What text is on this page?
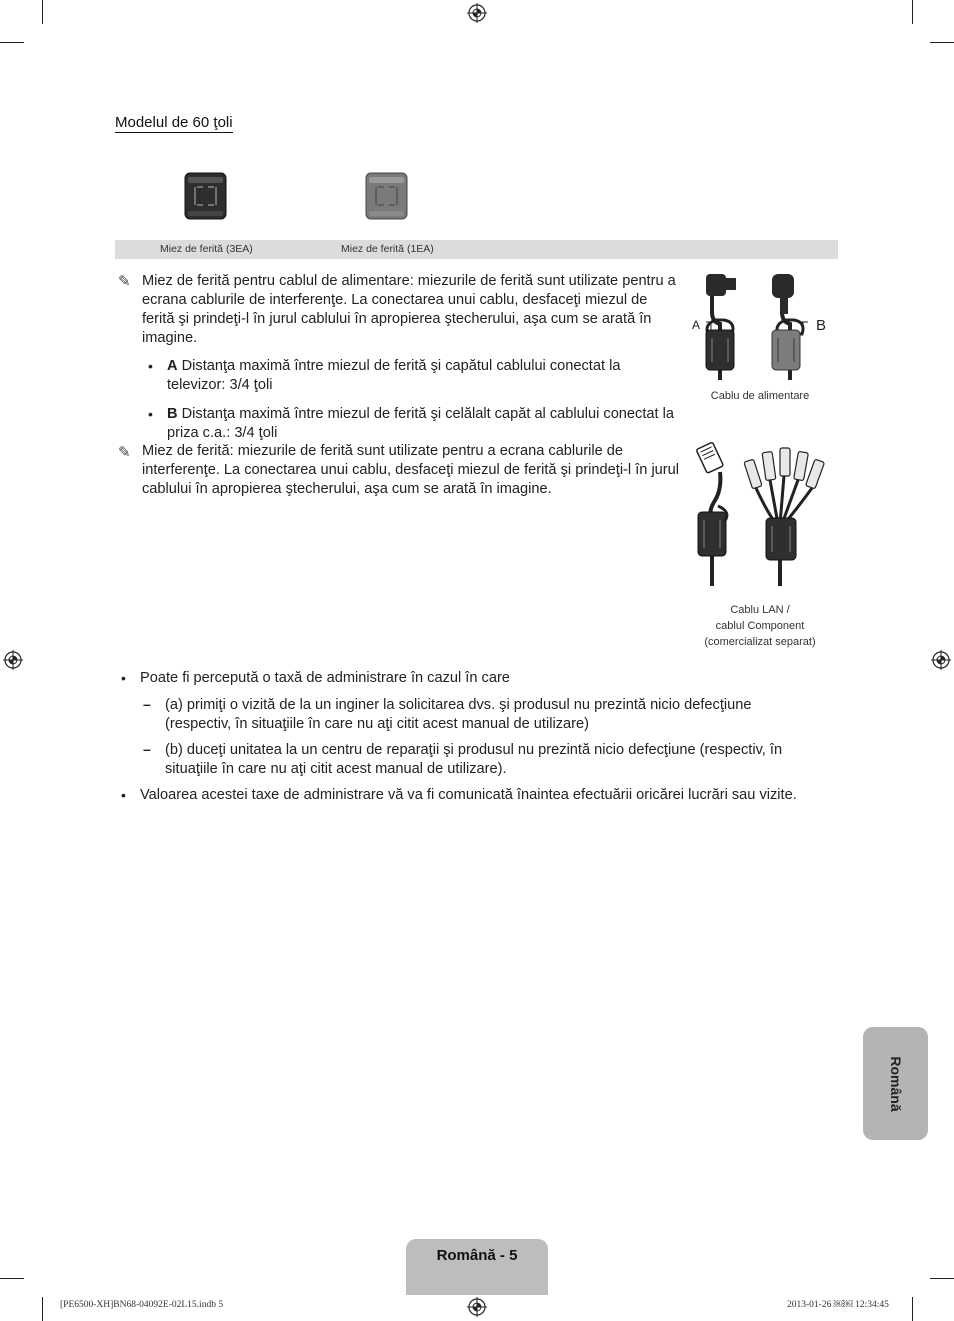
Modelul de 60 ţoli
Miez de ferită (3EA)	Miez de ferită (1EA)
✎ Miez de ferită pentru cablul de alimentare: miezurile de ferită sunt utilizate pentru a ecrana cablurile de interferenţe. La conectarea unui cablu, desfaceţi miezul de ferită şi prindeţi-l în jurul cablului în apropierea ştecherului, aşa cum se arată în imagine.
• A Distanţa maximă între miezul de ferită şi capătul cablului conectat la televizor: 3/4 ţoli
• B Distanţa maximă între miezul de ferită şi celălalt capăt al cablului conectat la priza c.a.: 3/4 ţoli
✎ Miez de ferită: miezurile de ferită sunt utilizate pentru a ecrana cablurile de interferenţe. La conectarea unui cablu, desfaceţi miezul de ferită şi prindeţi-l în jurul cablului în apropierea ştecherului, aşa cum se arată în imagine.
A	B
Cablu de alimentare
Cablu LAN /
cablul Component
(comercializat separat)
• Poate fi percepută o taxă de administrare în cazul în care
– (a) primiţi o vizită de la un inginer la solicitarea dvs. şi produsul nu prezintă nicio defecţiune (respectiv, în situaţiile în care nu aţi citit acest manual de utilizare)
– (b) duceţi unitatea la un centru de reparaţii şi produsul nu prezintă nicio defecţiune (respectiv, în situaţiile în care nu aţi citit acest manual de utilizare).
• Valoarea acestei taxe de administrare vă va fi comunicată înaintea efectuării oricărei lucrări sau vizite.
Română
Română - 5
[PE6500-XH]BN68-04092E-02L15.indb 5	2013-01-26 ￼￼ 12:34:45
